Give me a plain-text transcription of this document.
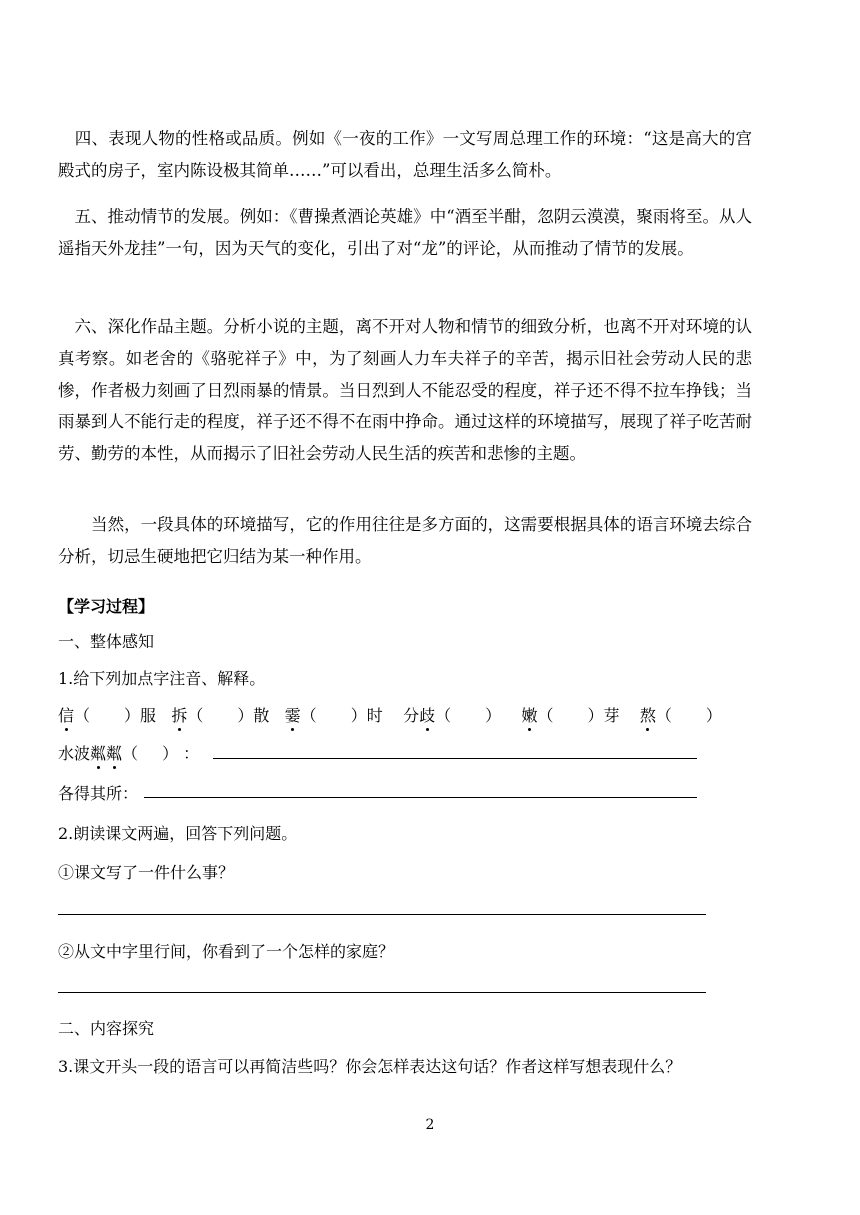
　四、表现人物的性格或品质。例如《一夜的工作》一文写周总理工作的环境：“这是高大的宫殿式的房子，室内陈设极其简单……”可以看出，总理生活多么简朴。

　五、推动情节的发展。例如：《曹操煮酒论英雄》中“酒至半酣，忽阴云漠漠，聚雨将至。从人遥指天外龙挂”一句，因为天气的变化，引出了对“龙”的评论，从而推动了情节的发展。

　六、深化作品主题。分析小说的主题，离不开对人物和情节的细致分析，也离不开对环境的认真考察。如老舍的《骆驼祥子》中，为了刻画人力车夫祥子的辛苦，揭示旧社会劳动人民的悲惨，作者极力刻画了日烈雨暴的情景。当日烈到人不能忍受的程度，祥子还不得不拉车挣钱；当雨暴到人不能行走的程度，祥子还不得不在雨中挣命。通过这样的环境描写，展现了祥子吃苦耐劳、勤劳的本性，从而揭示了旧社会劳动人民生活的疾苦和悲惨的主题。

　　当然，一段具体的环境描写，它的作用往往是多方面的，这需要根据具体的语言环境去综合分析，切忌生硬地把它归结为某一种作用。

【学习过程】
一、整体感知
1.给下列加点字注音、解释。
信（ ）服 拆（ ）散 霎（ ）时 分歧（ ） 嫩（ ）芽 熬（ ）
水波粼粼（ ） ：
各得其所：
2.朗读课文两遍，回答下列问题。
①课文写了一件什么事？
②从文中字里行间，你看到了一个怎样的家庭？
二、内容探究
3.课文开头一段的语言可以再简洁些吗？你会怎样表达这句话？作者这样写想表现什么？
2
